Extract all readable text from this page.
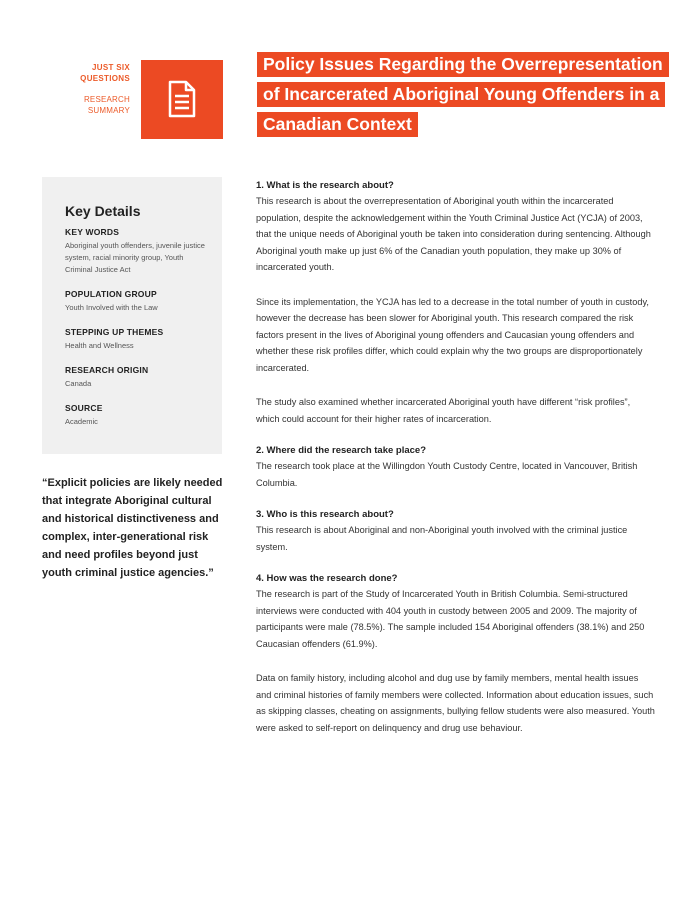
JUST SIX
QUESTIONS
RESEARCH
SUMMARY
Policy Issues Regarding the Overrepresentation of Incarcerated Aboriginal Young Offenders in a Canadian Context
Key Details
KEY WORDS
Aboriginal youth offenders, juvenile justice system, racial minority group, Youth Criminal Justice Act
POPULATION GROUP
Youth Involved with the Law
STEPPING UP THEMES
Health and Wellness
RESEARCH ORIGIN
Canada
SOURCE
Academic
“Explicit policies are likely needed that integrate Aboriginal cultural and historical distinctiveness and complex, inter-generational risk and need profiles beyond just youth criminal justice agencies.”
1. What is the research about?

This research is about the overrepresentation of Aboriginal youth within the incarcerated population, despite the acknowledgement within the Youth Criminal Justice Act (YCJA) of 2003, that the unique needs of Aboriginal youth be taken into consideration during sentencing. Although Aboriginal youth make up just 6% of the Canadian youth population, they make up 30% of incarcerated youth.

Since its implementation, the YCJA has led to a decrease in the total number of youth in custody, however the decrease has been slower for Aboriginal youth. This research compared the risk factors present in the lives of Aboriginal young offenders and Caucasian young offenders and whether these risk profiles differ, which could explain why the two groups are disproportionately incarcerated.

The study also examined whether incarcerated Aboriginal youth have different “risk profiles”, which could account for their higher rates of incarceration.

2. Where did the research take place?

The research took place at the Willingdon Youth Custody Centre, located in Vancouver, British Columbia.

3. Who is this research about?

This research is about Aboriginal and non-Aboriginal youth involved with the criminal justice system.

4. How was the research done?

The research is part of the Study of Incarcerated Youth in British Columbia. Semi-structured interviews were conducted with 404 youth in custody between 2005 and 2009. The majority of participants were male (78.5%). The sample included 154 Aboriginal offenders (38.1%) and 250 Caucasian offenders (61.9%).

Data on family history, including alcohol and dug use by family members, mental health issues and criminal histories of family members were collected. Information about education issues, such as skipping classes, cheating on assignments, bullying fellow students were also measured. Youth were asked to self-report on delinquency and drug use behaviour.
